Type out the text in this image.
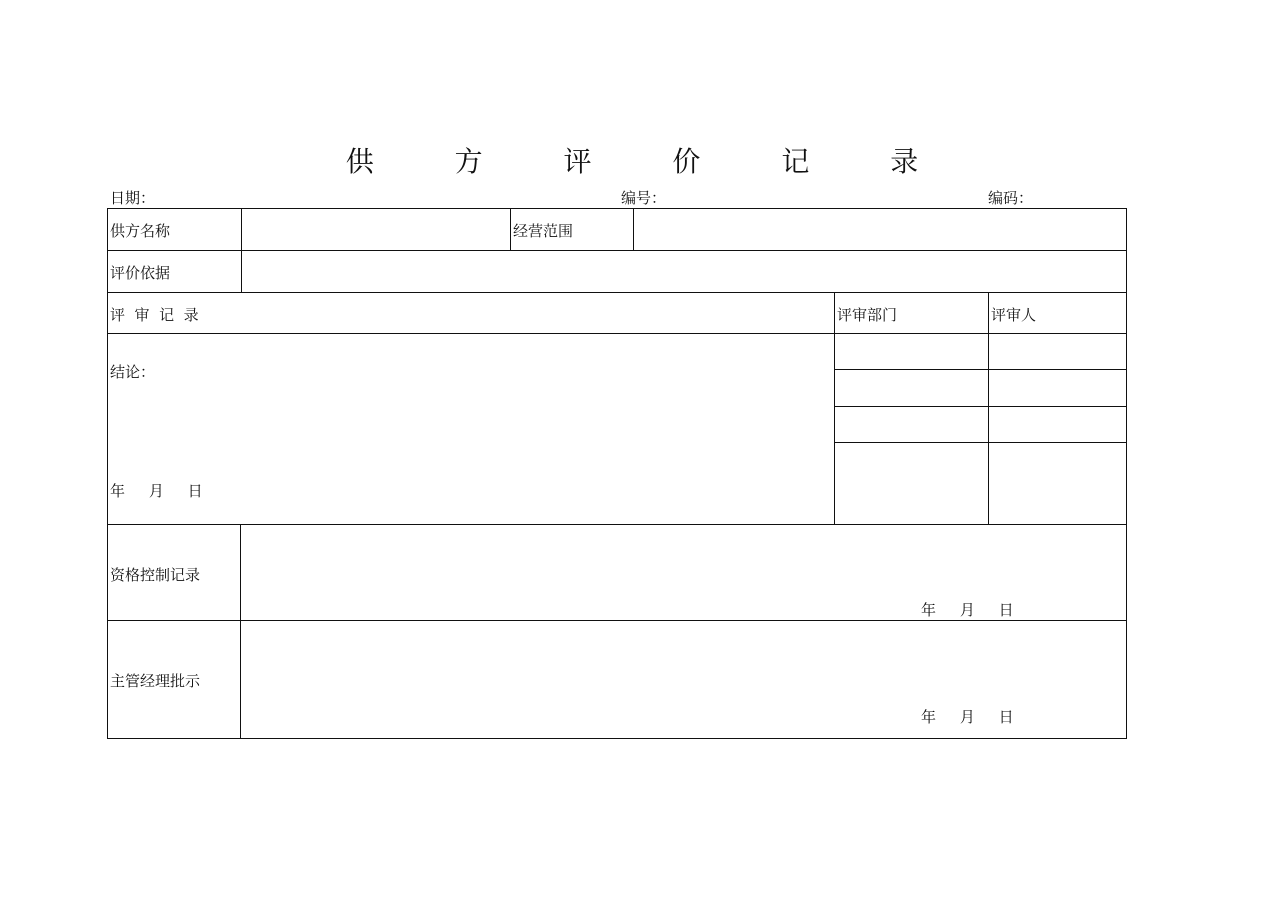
供 方 评 价 记 录
日期：	编号：	编码：
供方名称	经营范围
评价依据
评  审  记  录	评审部门	评审人
结论：
年     月     日
资格控制记录
年     月     日
主管经理批示
年     月     日
